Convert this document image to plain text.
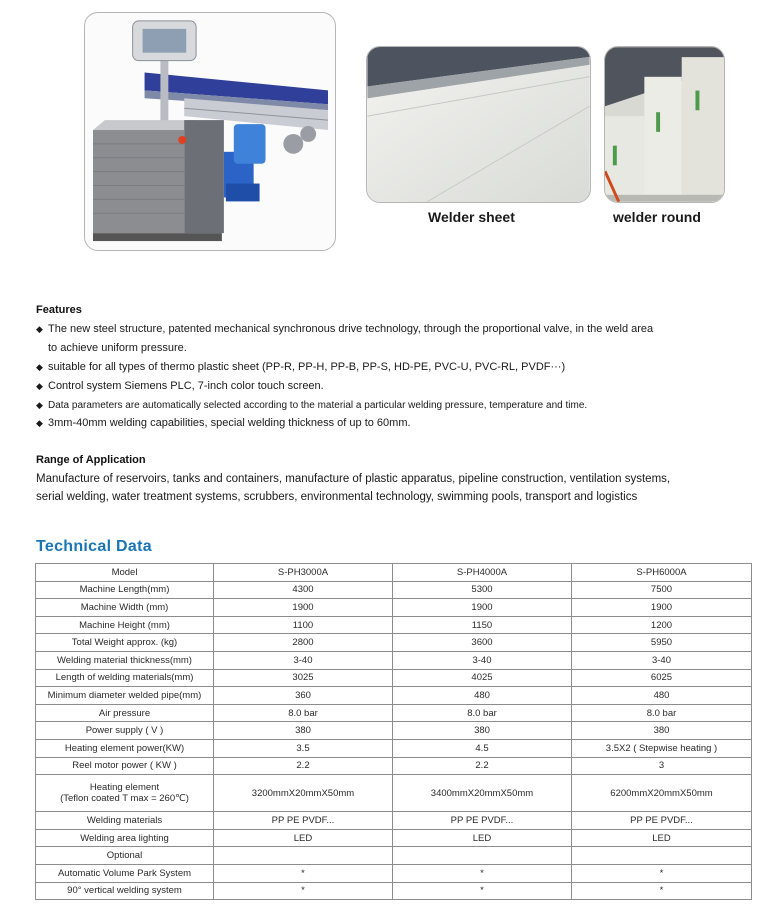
Welder sheet	welder round
Features
◆ The new steel structure, patented mechanical synchronous drive technology, through the proportional valve, in the weld area
to achieve uniform pressure.
◆ suitable for all types of thermo plastic sheet (PP-R, PP-H, PP-B, PP-S, HD-PE, PVC-U, PVC-RL, PVDF···)
◆ Control system Siemens PLC, 7-inch color touch screen.
◆ Data parameters are automatically selected according to the material a particular welding pressure, temperature and time.
◆ 3mm-40mm welding capabilities, special welding thickness of up to 60mm.
Range of Application
Manufacture of reservoirs, tanks and containers, manufacture of plastic apparatus, pipeline construction, ventilation systems,
serial welding, water treatment systems, scrubbers, environmental technology, swimming pools, transport and logistics
Technical Data
Model	S-PH3000A	S-PH4000A	S-PH6000A
Machine Length(mm)	4300	5300	7500
Machine Width (mm)	1900	1900	1900
Machine Height (mm)	1100	1150	1200
Total Weight approx. (kg)	2800	3600	5950
Welding material thickness(mm)	3-40	3-40	3-40
Length of welding materials(mm)	3025	4025	6025
Minimum diameter welded pipe(mm)	360	480	480
Air pressure	8.0 bar	8.0 bar	8.0 bar
Power supply ( V )	380	380	380
Heating element power(KW)	3.5	4.5	3.5X2 ( Stepwise heating )
Reel motor power ( KW )	2.2	2.2	3
Heating element
(Teflon coated T max = 260℃)	3200mmX20mmX50mm	3400mmX20mmX50mm	6200mmX20mmX50mm
Welding materials	PP PE PVDF...	PP PE PVDF...	PP PE PVDF...
Welding area lighting	LED	LED	LED
Optional			
Automatic Volume Park System	*	*	*
90° vertical welding system	*	*	*
